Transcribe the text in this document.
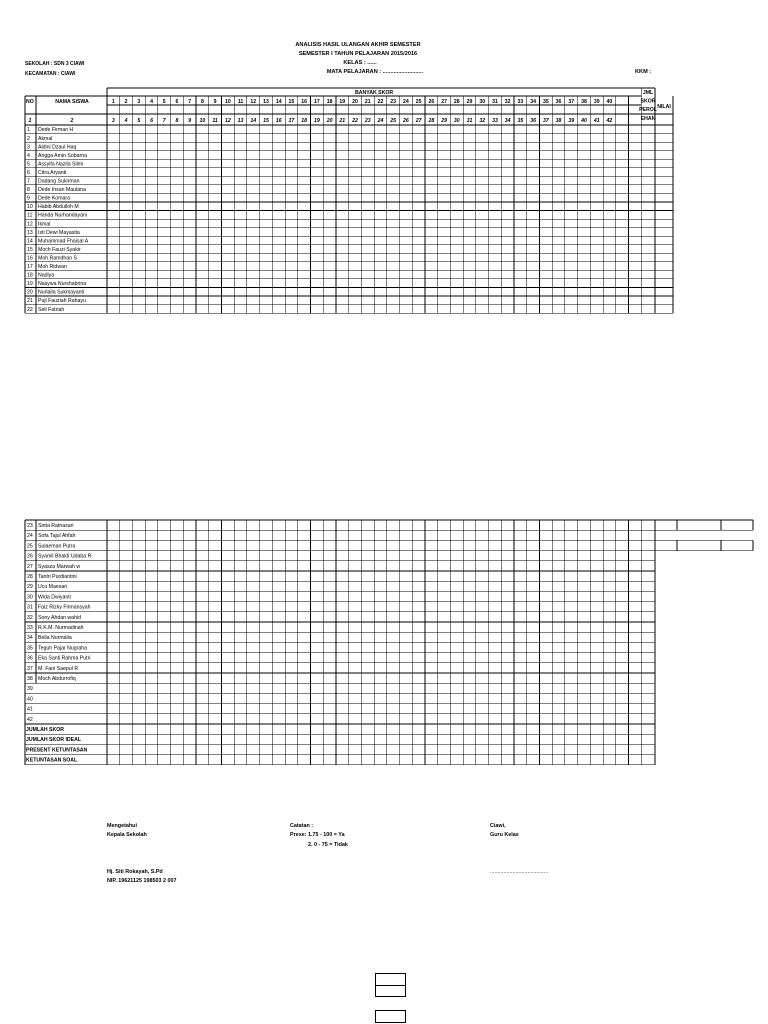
ANALISIS HASIL ULANGAN AKHIR SEMESTER
SEMESTER I TAHUN PELAJARAN 2015/2016
KELAS : ......
MATA PELAJARAN : ..........................	KKM :
SEKOLAH : SDN 3 CIAWI
KECAMATAN : CIAWI
BANYAK SKOR
NO	NAMA SISWA
JML
SKOR
PEROL
EHAN
NILAI
1 2 3 4 5 6 7 8 9 10 11 12 13 14 15 16 17 18 19 20 21 22 23 24 25 26 27 28 29 30 31 32 33 34 35 36 37 38 39 40
1	2	3 4 5 6 7 8 9 10 11 12 13 14 15 16 17 18 19 20 21 22 23 24 25 26 27 28 29 30 31 32 33 34 35 36 37 38 39 40 41 42
1 Dede Firman H
2 Akmal
3 Aldini Dzaul Haq
4 Angga Amin Sobarna
5 Assyifa Nazila Silmi
6 Citra Aryanti
7 Dadang Sukirman
8 Dede Insan Maulana
9 Dede Komara
10 Habib Abdulloh M
11 Handa Nurhandayani
12 Ikmal
13 Isti Dewi Mayasita
14 Muhammad Fhaisal A
15 Moch Fauzi Syakir
16 Moh Ramdhan S
17 Moh Ridwan
18 Nadiya
19 Nasywa Nurshabrina
20 Nurlaila Sukmayanti
21 Puji Fauziah Rahayu
22 Seli Fatriah
23 Sinta Ratnasari
24 Sofa Tajul Ahfah
25 Sulaeman Putra
26 Syamil Bhakti Udaba R
27 Syasza Marwah w
28 Tantri Purdiantini
29 Ucu Maesari
30 Wida Dwiyanti
31 Faiz Rizky Firmansyah
32 Sony Ahdan wahid
33 R.K.M. Nurmadinah
34 Bella Nurmalia
35 Teguh Pajar Nugraha
36 Eka Santi Rahma Putri
37 M. Fani Saepul R
38 Moch Abdurrofiq
39
40
41
42
JUMLAH SKOR
JUMLAH SKOR IDEAL
PRESENT KETUNTASAN
KETUNTASAN SOAL
Mengetahui
Kepala Sekolah
Catatan :
Prese: 1.75 - 100 = Ya
2. 0 - 75 = Tidak
Ciawi,
Guru Kelas
Hj. Siti Rokayah, S.Pd
NIP. 19621125 198503 2 007
.......................................
